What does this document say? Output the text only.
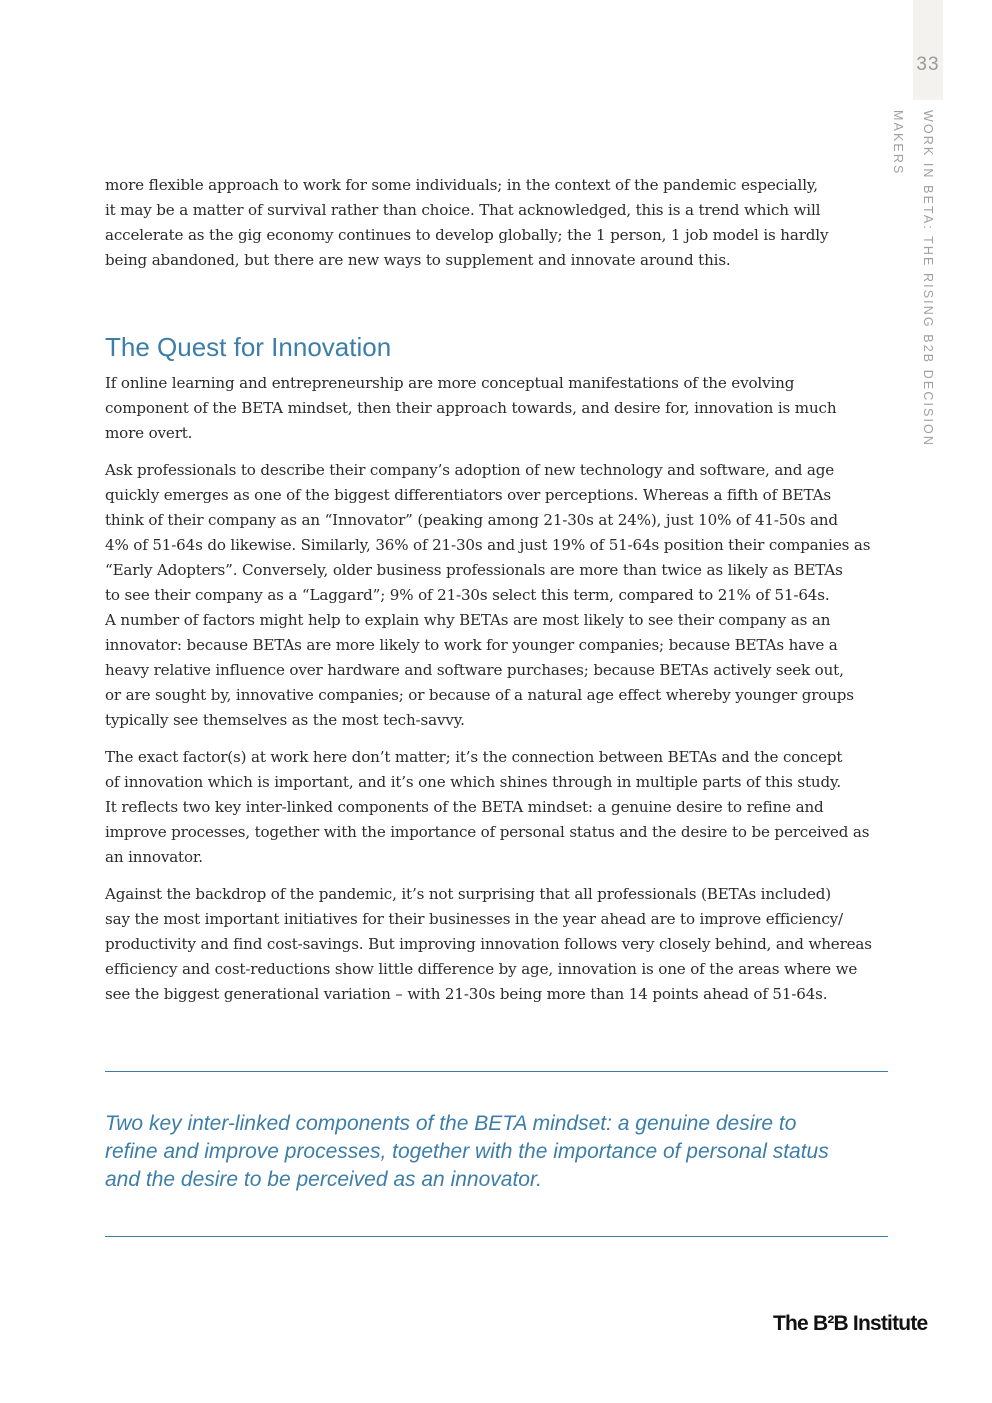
33
WORK IN BETA: THE RISING B2B DECISION MAKERS

more flexible approach to work for some individuals; in the context of the pandemic especially,
it may be a matter of survival rather than choice. That acknowledged, this is a trend which will
accelerate as the gig economy continues to develop globally; the 1 person, 1 job model is hardly
being abandoned, but there are new ways to supplement and innovate around this.

The Quest for Innovation

If online learning and entrepreneurship are more conceptual manifestations of the evolving
component of the BETA mindset, then their approach towards, and desire for, innovation is much
more overt.

Ask professionals to describe their company’s adoption of new technology and software, and age
quickly emerges as one of the biggest differentiators over perceptions. Whereas a fifth of BETAs
think of their company as an “Innovator” (peaking among 21-30s at 24%), just 10% of 41-50s and
4% of 51-64s do likewise. Similarly, 36% of 21-30s and just 19% of 51-64s position their companies as
“Early Adopters”. Conversely, older business professionals are more than twice as likely as BETAs
to see their company as a “Laggard”; 9% of 21-30s select this term, compared to 21% of 51-64s.
A number of factors might help to explain why BETAs are most likely to see their company as an
innovator: because BETAs are more likely to work for younger companies; because BETAs have a
heavy relative influence over hardware and software purchases; because BETAs actively seek out,
or are sought by, innovative companies; or because of a natural age effect whereby younger groups
typically see themselves as the most tech-savvy.

The exact factor(s) at work here don’t matter; it’s the connection between BETAs and the concept
of innovation which is important, and it’s one which shines through in multiple parts of this study.
It reflects two key inter-linked components of the BETA mindset: a genuine desire to refine and
improve processes, together with the importance of personal status and the desire to be perceived as
an innovator.

Against the backdrop of the pandemic, it’s not surprising that all professionals (BETAs included)
say the most important initiatives for their businesses in the year ahead are to improve efficiency/
productivity and find cost-savings. But improving innovation follows very closely behind, and whereas
efficiency and cost-reductions show little difference by age, innovation is one of the areas where we
see the biggest generational variation – with 21-30s being more than 14 points ahead of 51-64s.

Two key inter-linked components of the BETA mindset: a genuine desire to
refine and improve processes, together with the importance of personal status
and the desire to be perceived as an innovator.

The B²B Institute
